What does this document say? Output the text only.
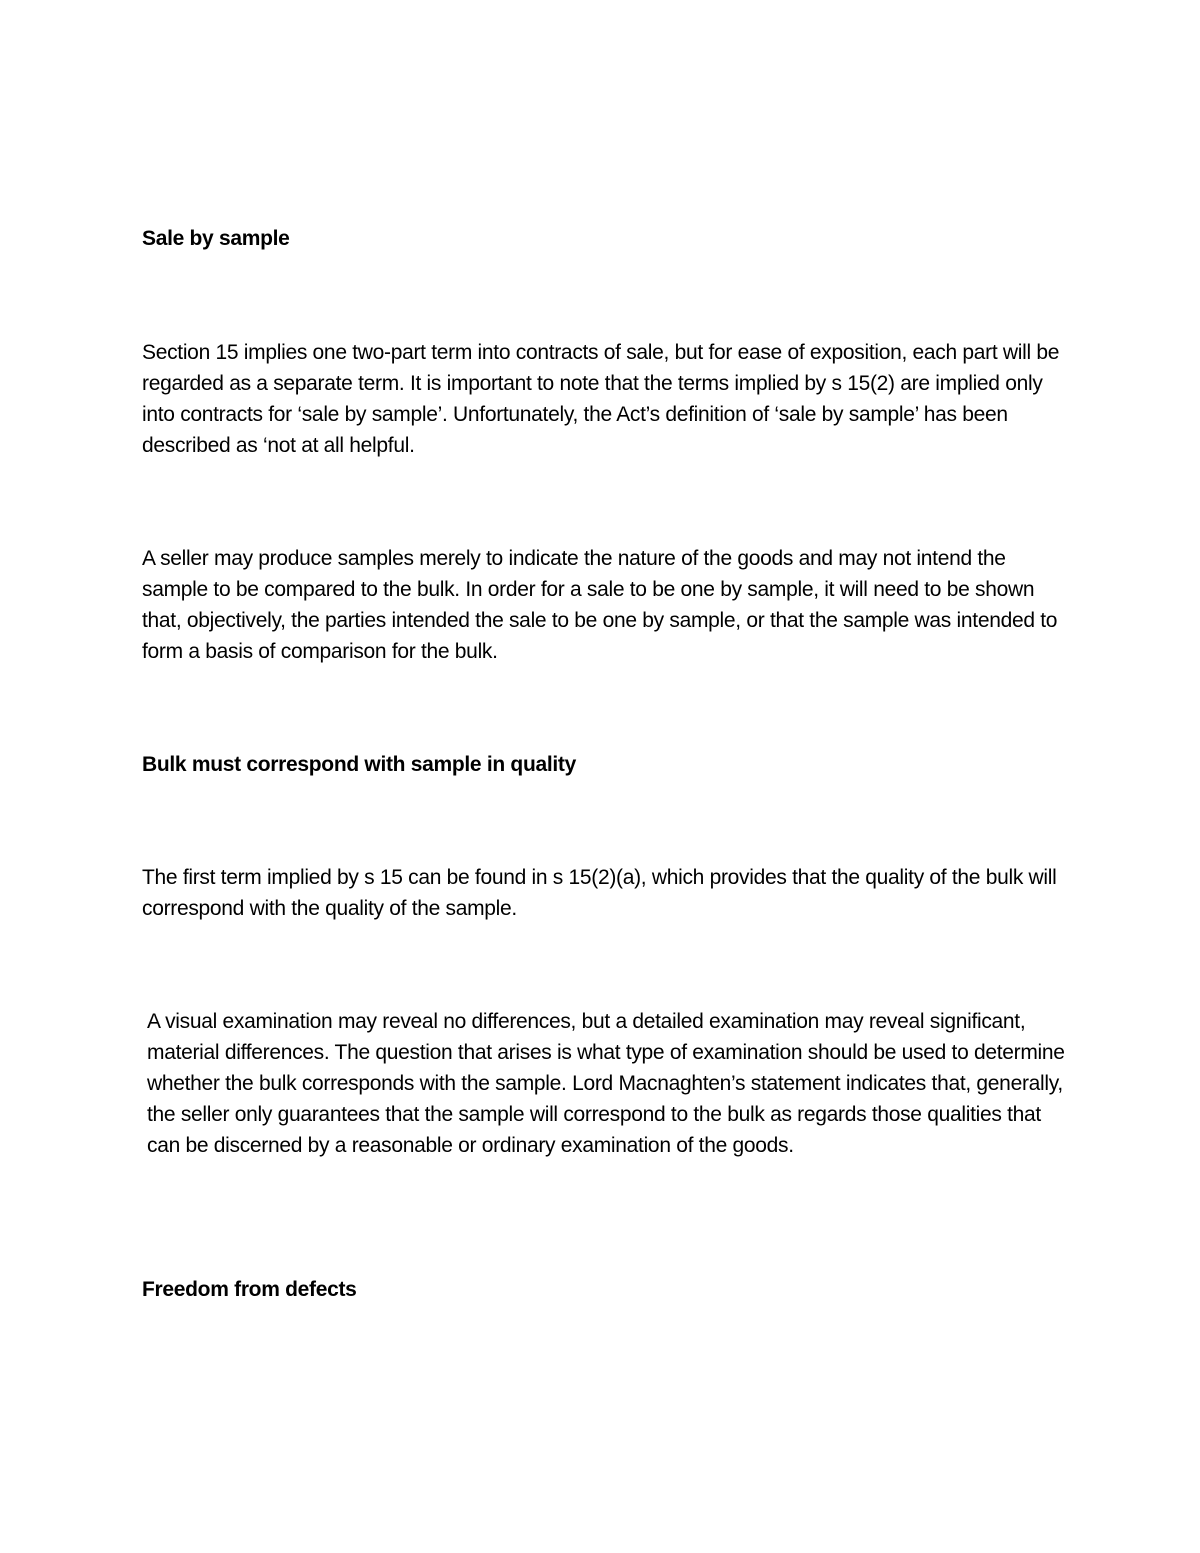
Sale by sample

Section 15 implies one two-part term into contracts of sale, but for ease of exposition, each part will be regarded as a separate term. It is important to note that the terms implied by s 15(2) are implied only into contracts for ‘sale by sample’. Unfortunately, the Act’s definition of ‘sale by sample’ has been described as ‘not at all helpful.

A seller may produce samples merely to indicate the nature of the goods and may not intend the sample to be compared to the bulk. In order for a sale to be one by sample, it will need to be shown that, objectively, the parties intended the sale to be one by sample, or that the sample was intended to form a basis of comparison for the bulk.

Bulk must correspond with sample in quality

The first term implied by s 15 can be found in s 15(2)(a), which provides that the quality of the bulk will correspond with the quality of the sample.

A visual examination may reveal no differences, but a detailed examination may reveal significant, material differences. The question that arises is what type of examination should be used to determine whether the bulk corresponds with the sample. Lord Macnaghten’s statement indicates that, generally, the seller only guarantees that the sample will correspond to the bulk as regards those qualities that can be discerned by a reasonable or ordinary examination of the goods.

Freedom from defects
